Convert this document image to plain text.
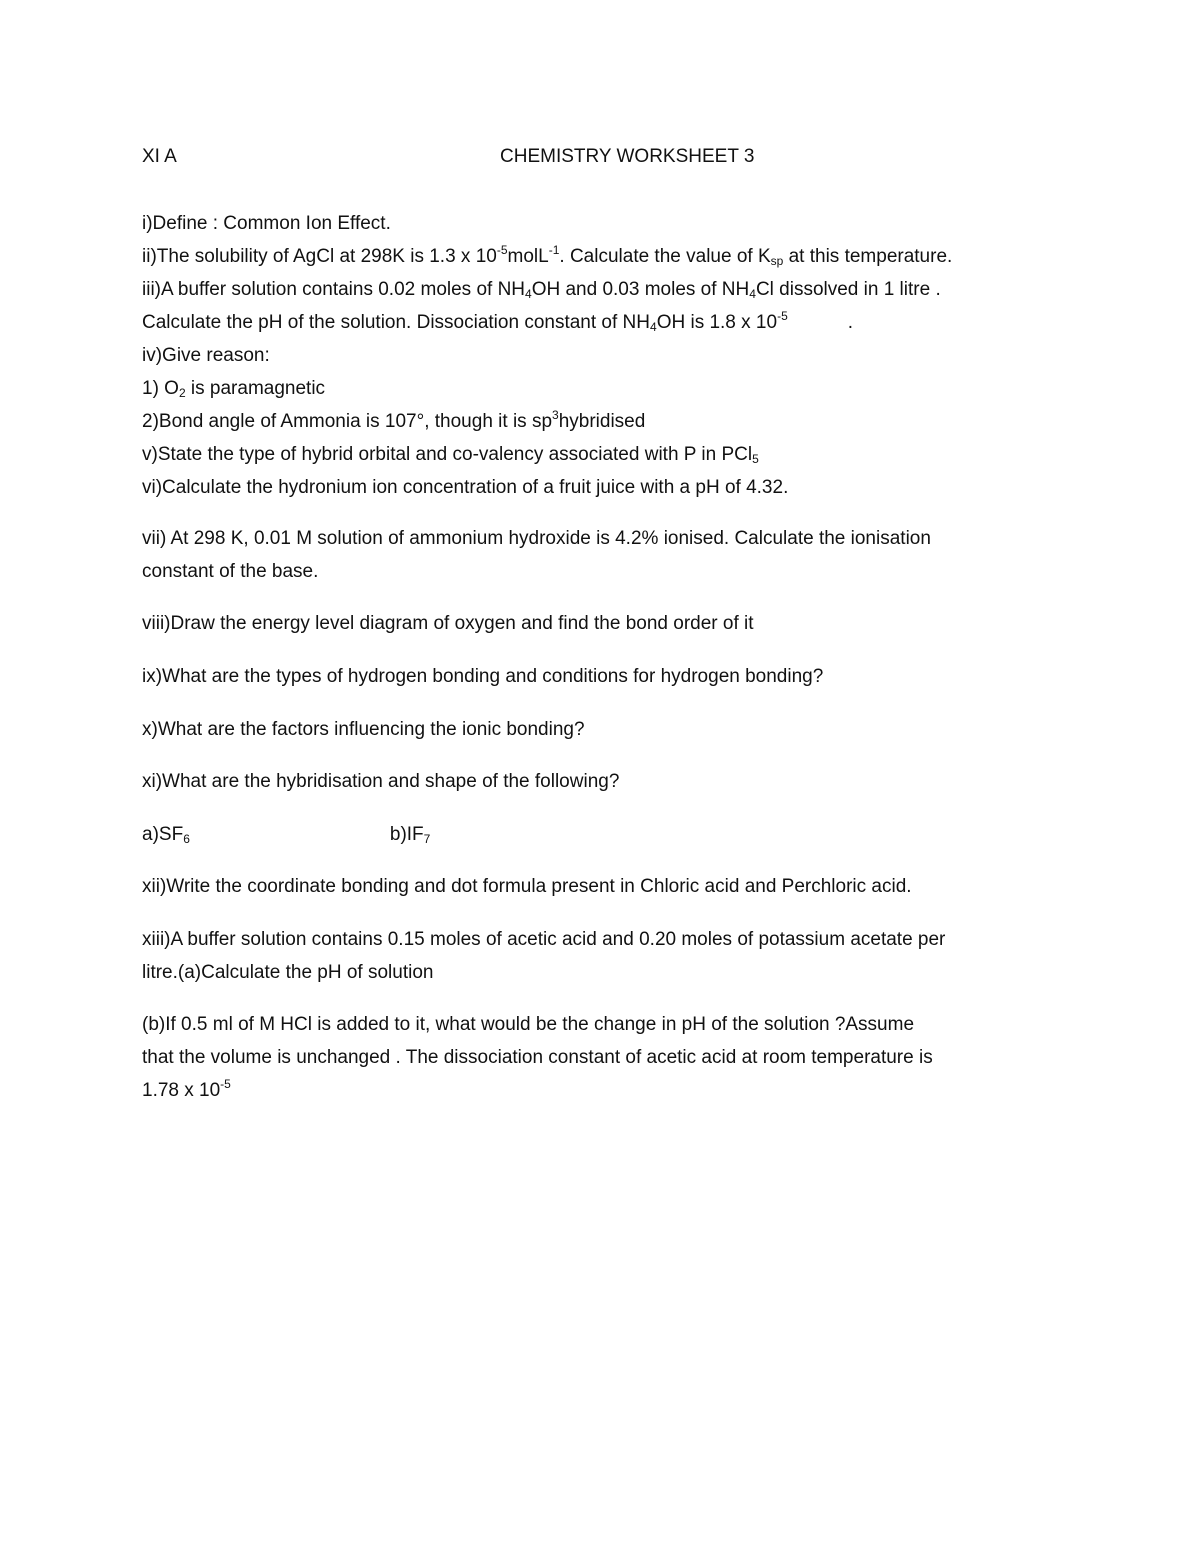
XI A	CHEMISTRY WORKSHEET 3
i)Define : Common Ion Effect.
ii)The solubility of AgCl at 298K is 1.3 x $10^{-5}molL^{-1}$. Calculate the value of $K_{sp}$ at this temperature.
iii)A buffer solution contains 0.02 moles of $NH_4OH$ and 0.03 moles of $NH_4Cl$ dissolved in 1 litre .
Calculate the pH of the solution. Dissociation constant of $NH_4OH$ is 1.8 x $10^{-5}$	.
iv)Give reason:
1) $O_2$ is paramagnetic
2)Bond angle of Ammonia is 107°, though it is $sp^3hybridised$
v)State the type of hybrid orbital and co-valency associated with P in PCl$_5$
vi)Calculate the hydronium ion concentration of a fruit juice with a pH of 4.32.
vii) At 298 K, 0.01 M solution of ammonium hydroxide is 4.2% ionised. Calculate the ionisation
constant of the base.
viii)Draw the energy level diagram of oxygen and find the bond order of it
ix)What are the types of hydrogen bonding and conditions for hydrogen bonding?
x)What are the factors influencing the ionic bonding?
xi)What are the hybridisation and shape of the following?
$a)SF_6$	$b)IF_7$
xii)Write the coordinate bonding and dot formula present in Chloric acid and Perchloric acid.
xiii)A buffer solution contains 0.15 moles of acetic acid and 0.20 moles of potassium acetate per
litre.(a)Calculate the pH of solution
(b)If 0.5 ml of M HCl is added to it, what would be the change in pH of the solution ?Assume
that the volume is unchanged . The dissociation constant of acetic acid at room temperature is
1.78 x $10^{-5}$
